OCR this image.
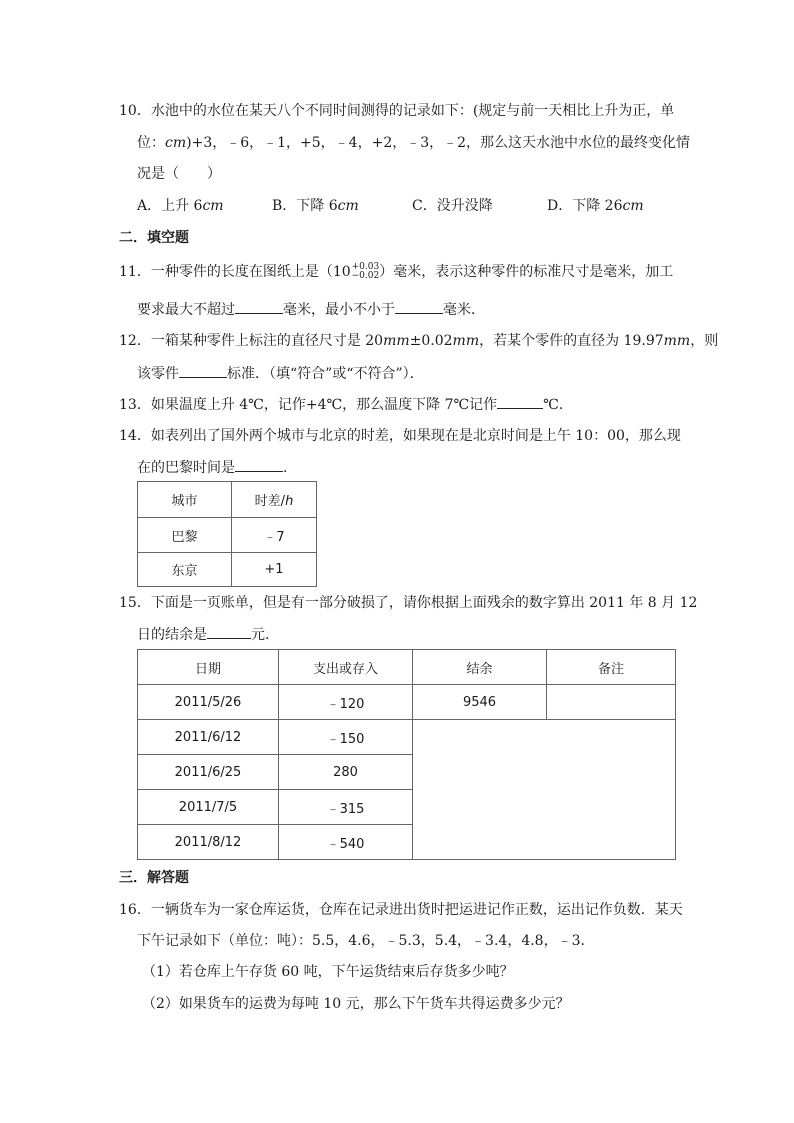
10．水池中的水位在某天八个不同时间测得的记录如下：(规定与前一天相比上升为正，单
位：cm)+3，﹣6，﹣1，+5，﹣4，+2，﹣3，﹣2，那么这天水池中水位的最终变化情
况是（　　）
A．上升 6cm	B．下降 6cm	C．没升没降	D．下降 26cm
二．填空题
11．一种零件的长度在图纸上是（10 +0.03
−0.02 ）毫米，表示这种零件的标准尺寸是毫米，加工
要求最大不超过	毫米，最小不小于	毫米．
12．一箱某种零件上标注的直径尺寸是 20mm±0.02mm，若某个零件的直径为 19.97mm，则
该零件	标准．（填“符合”或“不符合”）．
13．如果温度上升 4℃，记作+4℃，那么温度下降 7℃记作	℃.
14．如表列出了国外两个城市与北京的时差，如果现在是北京时间是上午 10：00，那么现
在的巴黎时间是	.
城市	时差/h
巴黎	﹣7
东京	+1
15．下面是一页账单，但是有一部分破损了，请你根据上面残余的数字算出 2011 年 8 月 12
日的结余是	元．
日期	支出或存入	结余	备注
2011/5/26	﹣120	9546	
2011/6/12	﹣150		
2011/6/25	280		
2011/7/5	﹣315		
2011/8/12	﹣540		
三．解答题
16．一辆货车为一家仓库运货，仓库在记录进出货时把运进记作正数，运出记作负数．某天
下午记录如下（单位：吨）：5.5，4.6，﹣5.3，5.4，﹣3.4，4.8，﹣3．
（1）若仓库上午存货 60 吨，下午运货结束后存货多少吨？
（2）如果货车的运费为每吨 10 元，那么下午货车共得运费多少元？
